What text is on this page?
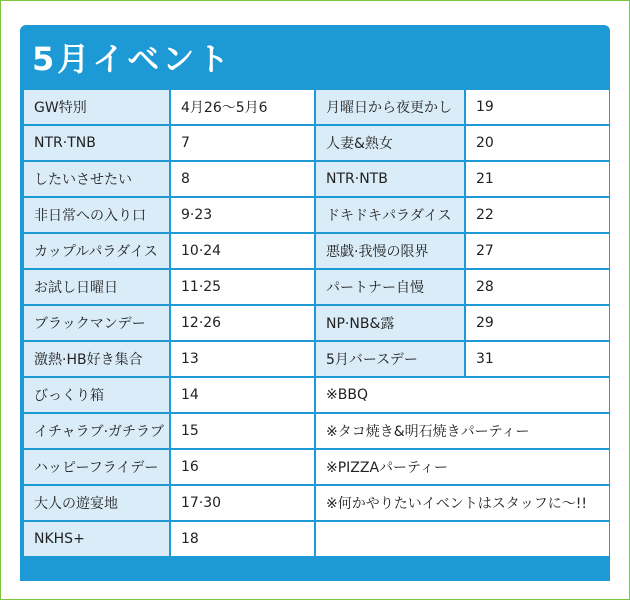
5月イベント
GW特別	4月26〜5月6	月曜日から夜更かし	19
NTR·TNB	7	人妻&熟女	20
したいさせたい	8	NTR·NTB	21
非日常への入り口	9·23	ドキドキパラダイス	22
カップルパラダイス	10·24	悪戯·我慢の限界	27
お試し日曜日	11·25	パートナー自慢	28
ブラックマンデー	12·26	NP·NB&露	29
激熱·HB好き集合	13	5月バースデー	31
びっくり箱	14	※BBQ	
イチャラブ·ガチラブ	15	※タコ焼き&明石焼きパーティー	
ハッピーフライデー	16	※PIZZAパーティー	
大人の遊宴地	17·30	※何かやりたいイベントはスタッフに〜!!	
NKHS+	18		
